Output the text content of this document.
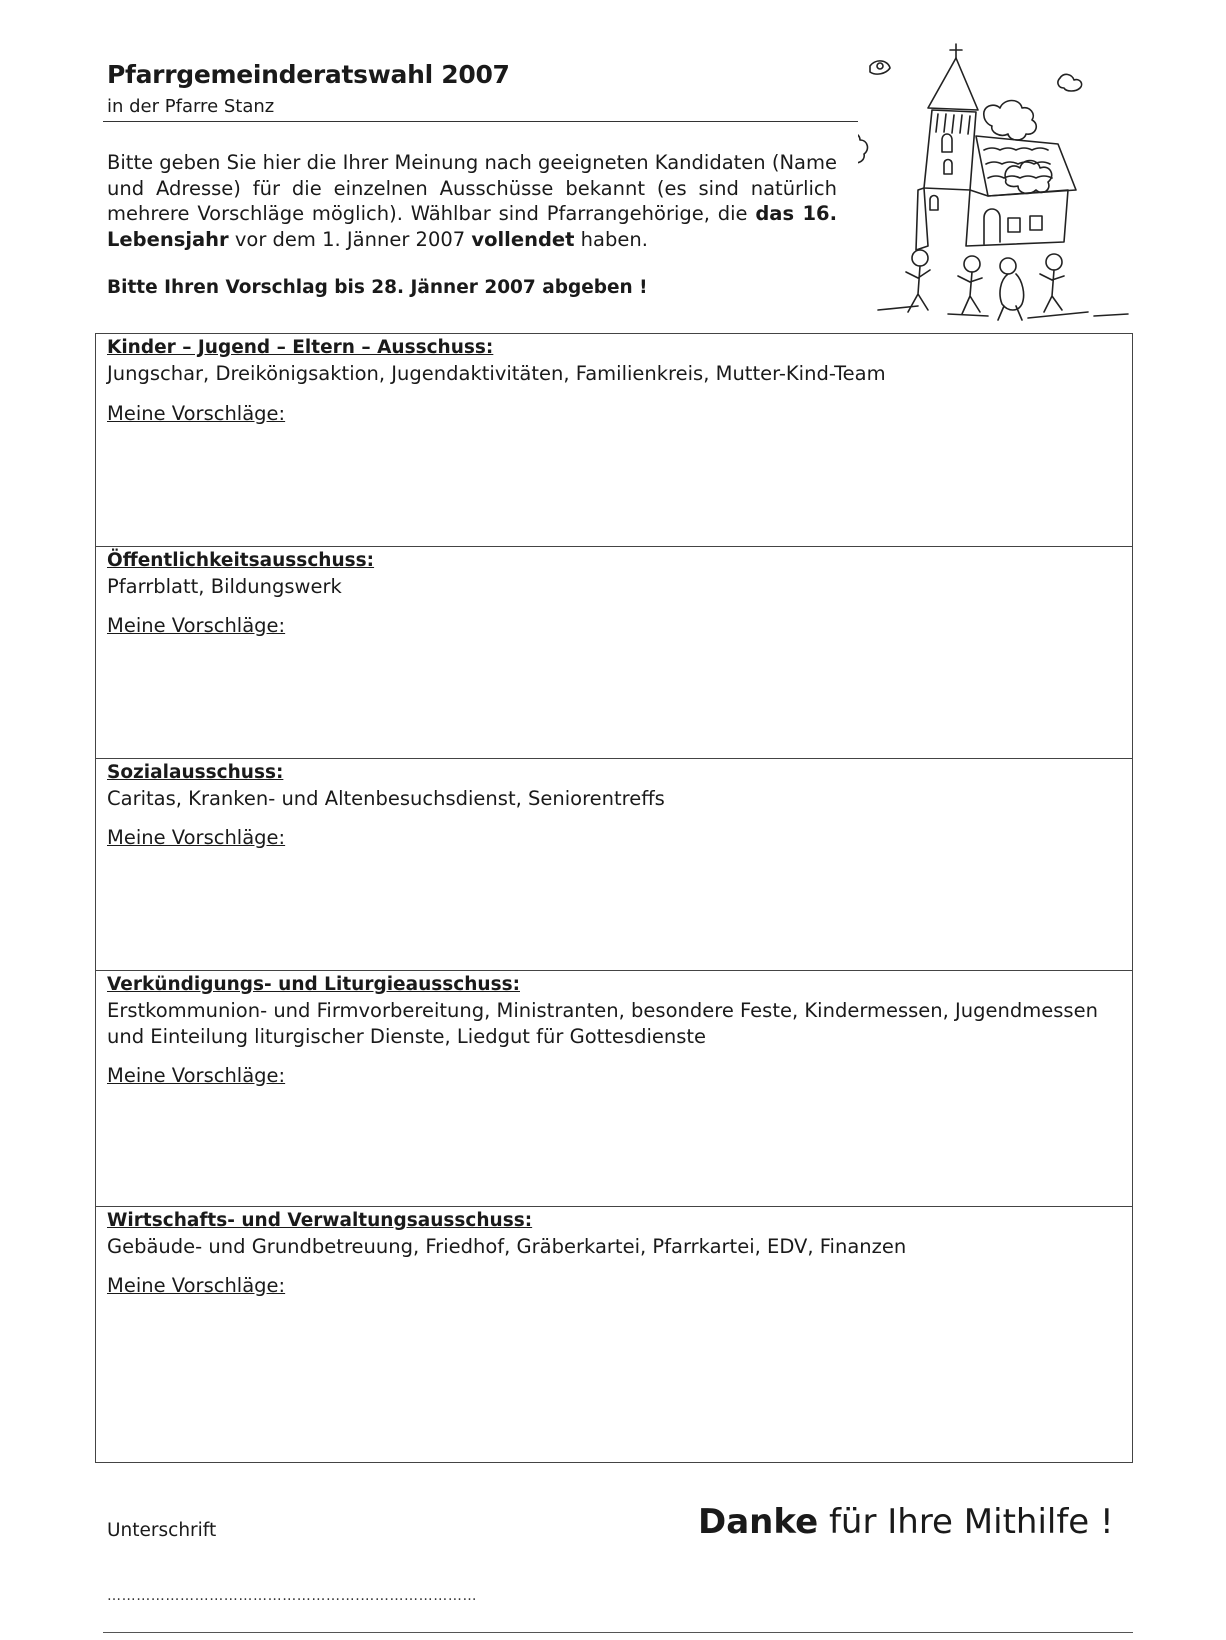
Pfarrgemeinderatswahl 2007
in der Pfarre Stanz
Bitte geben Sie hier die Ihrer Meinung nach geeigneten Kandidaten (Name und Adresse) für die einzelnen Ausschüsse bekannt (es sind natürlich mehrere Vorschläge möglich). Wählbar sind Pfarrangehörige, die das 16. Lebensjahr vor dem 1. Jänner 2007 vollendet haben.
Bitte Ihren Vorschlag bis 28. Jänner 2007 abgeben !
Kinder – Jugend – Eltern – Ausschuss:
Jungschar, Dreikönigsaktion, Jugendaktivitäten, Familienkreis, Mutter-Kind-Team
Meine Vorschläge:
Öffentlichkeitsausschuss:
Pfarrblatt, Bildungswerk
Meine Vorschläge:
Sozialausschuss:
Caritas, Kranken- und Altenbesuchsdienst, Seniorentreffs
Meine Vorschläge:
Verkündigungs- und Liturgieausschuss:
Erstkommunion- und Firmvorbereitung, Ministranten, besondere Feste, Kindermessen, Jugendmessen und Einteilung liturgischer Dienste, Liedgut für Gottesdienste
Meine Vorschläge:
Wirtschafts- und Verwaltungsausschuss:
Gebäude- und Grundbetreuung, Friedhof, Gräberkartei, Pfarrkartei, EDV, Finanzen
Meine Vorschläge:
Unterschrift	Danke für Ihre Mithilfe !
…………………………………………….……………………
